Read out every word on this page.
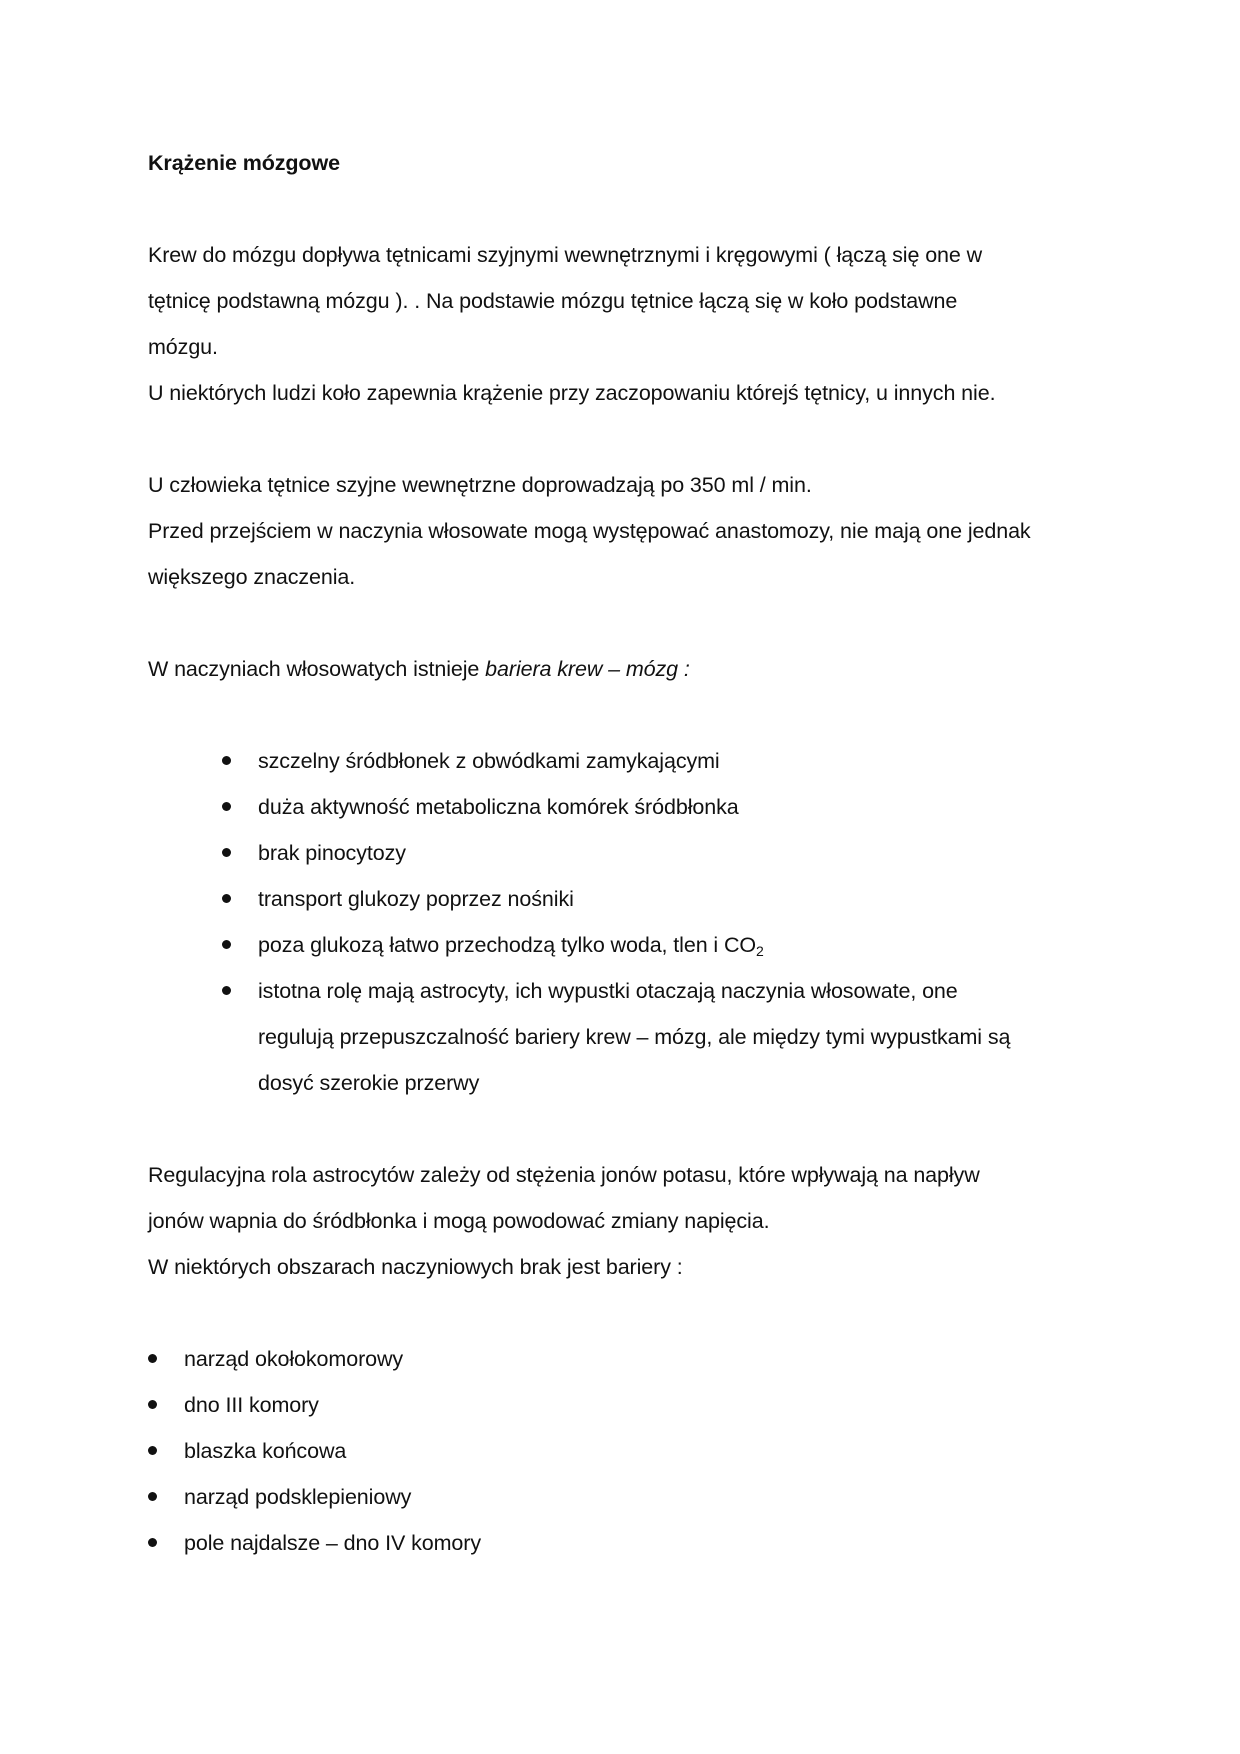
Krążenie mózgowe
Krew do mózgu dopływa tętnicami szyjnymi wewnętrznymi i kręgowymi ( łączą się one w
tętnicę podstawną mózgu ). . Na podstawie mózgu tętnice łączą się w koło podstawne
mózgu.
U niektórych ludzi koło zapewnia krążenie przy zaczopowaniu którejś tętnicy, u innych nie.
U człowieka tętnice szyjne wewnętrzne doprowadzają po 350 ml / min.
Przed przejściem w naczynia włosowate mogą występować anastomozy, nie mają one jednak
większego znaczenia.
W naczyniach włosowatych istnieje bariera krew – mózg :
szczelny śródbłonek z obwódkami zamykającymi
duża aktywność metaboliczna komórek śródbłonka
brak pinocytozy
transport glukozy poprzez nośniki
poza glukozą łatwo przechodzą tylko woda, tlen i $CO_2$
istotna rolę mają astrocyty, ich wypustki otaczają naczynia włosowate, one
regulują przepuszczalność bariery krew – mózg, ale między tymi wypustkami są
dosyć szerokie przerwy
Regulacyjna rola astrocytów zależy od stężenia jonów potasu, które wpływają na napływ
jonów wapnia do śródbłonka i mogą powodować zmiany napięcia.
W niektórych obszarach naczyniowych brak jest bariery :
narząd okołokomorowy
dno III komory
blaszka końcowa
narząd podsklepieniowy
pole najdalsze – dno IV komory
